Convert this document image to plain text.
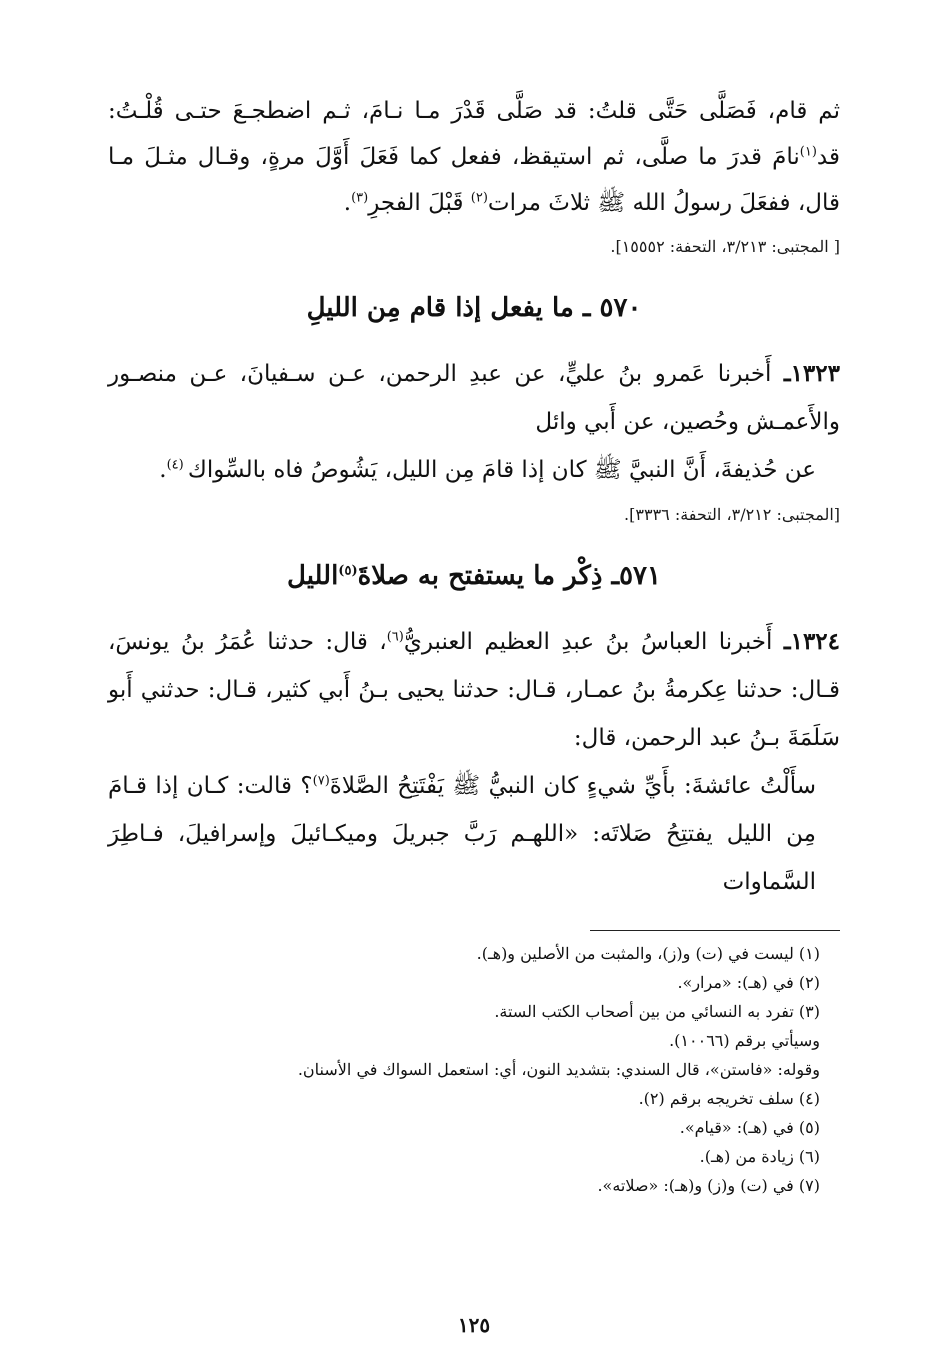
ثم قام، فَصَلَّى حَتَّى قلتُ: قد صَلَّى قَدْرَ مـا نـامَ، ثـم اضطجـعَ حتـى قُلْـتُ: قد$^{(١)}$نامَ قدرَ ما صلَّى، ثم استيقظ، ففعل كما فَعَلَ أَوَّلَ مرةٍ، وقـال مثـلَ مـا قال، ففعَلَ رسولُ الله ﷺ ثلاثَ مرات$^{(٢)}$ قَبْلَ الفجرِ$^{(٣)}$.

[ المجتبى: ٣/٢١٣، التحفة: ١٥٥٥٢].

٥٧٠ ـ ما يفعل إذا قام مِن الليلِ

١٣٢٣ـ أَخبرنا عَمرو بنُ عليٍّ، عن عبدِ الرحمن، عـن سـفيانَ، عـن منصـور والأَعمـش وحُصين، عن أَبي وائل

عن حُذيفةَ، أَنَّ النبيَّ ﷺ كان إذا قامَ مِن الليل، يَشُوصُ فاه بالسِّواك $^{(٤)}$.

[المجتبى: ٣/٢١٢، التحفة: ٣٣٣٦].

٥٧١ـ ذِكْر ما يستفتح به صلاةَ$^{(٥)}$الليل

١٣٢٤ـ أَخبرنا العباسُ بنُ عبدِ العظيم العنبريُّ$^{(٦)}$، قال: حدثنا عُمَرُ بنُ يونسَ، قـال: حدثنا عِكرمةُ بنُ عمـار، قـال: حدثنا يحيى بـنُ أَبي كثير، قـال: حدثني أَبو سَلَمَةَ بـنُ عبد الرحمن، قال:

سأَلْتُ عائشةَ: بأَيِّ شيءٍ كان النبيُّ ﷺ يَفْتَتِحُ الصَّلاةَ$^{(٧)}$؟ قالت: كـان إذا قـامَ مِن الليل يفتتِحُ صَلاتَه: «اللهـم رَبَّ جبريلَ وميكـائيلَ وإسرافيلَ، فـاطِرَ السَّماوات

(١) ليست في (ت) و(ز)، والمثبت من الأصلين و(هـ).

(٢) في (هـ): «مرار».

(٣) تفرد به النسائي من بين أصحاب الكتب الستة.

وسيأتي برقم (١٠٠٦٦).

وقوله: «فاستن»، قال السندي: بتشديد النون، أي: استعمل السواك في الأسنان.

(٤) سلف تخريجه برقم (٢).

(٥) في (هـ): «قيام».

(٦) زيادة من (هـ).

(٧) في (ت) و(ز) و(هـ): «صلاته».

١٢٥
